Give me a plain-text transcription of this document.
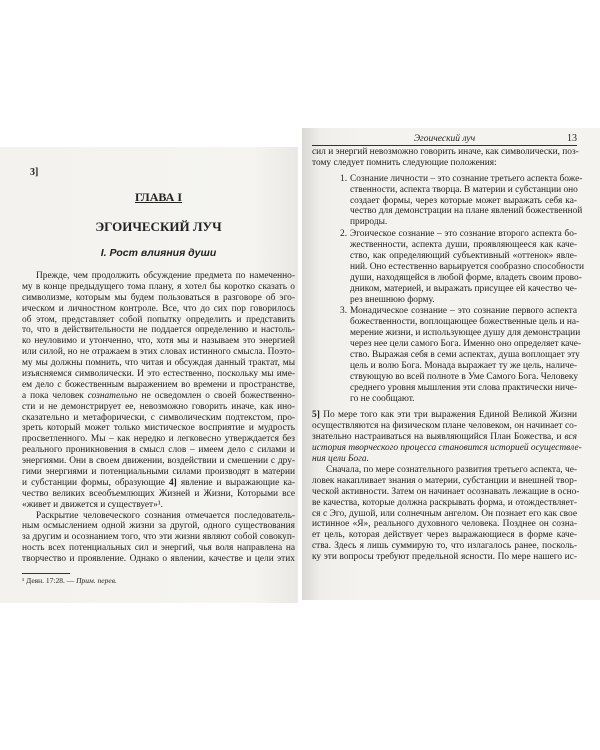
3]
ГЛАВА I
ЭГОИЧЕСКИЙ ЛУЧ
I. Рост влияния души
Прежде, чем продолжить обсуждение предмета по намеченно-
му в конце предыдущего тома плану, я хотел бы коротко сказать о
символизме, которым мы будем пользоваться в разговоре об эго-
ическом и личностном контроле. Все, что до сих пор говорилось
об этом, представляет собой попытку определить и представить
то, что в действительности не поддается определению и настоль-
ко неуловимо и утонченно, что, хотя мы и называем это энергией
или силой, но не отражаем в этих словах истинного смысла. Поэто-
му мы должны помнить, что читая и обсуждая данный трактат, мы
изъясняемся символически. И это естественно, поскольку мы име-
ем дело с божественным выражением во времени и пространстве,
а пока человек сознательно не осведомлен о своей божественно-
сти и не демонстрирует ее, невозможно говорить иначе, как ино-
сказательно и метафорически, с символическим подтекстом, про-
зреть который может только мистическое восприятие и мудрость
просветленного. Мы – как нередко и легковесно утверждается без
реального проникновения в смысл слов – имеем дело с силами и
энергиями. Они в своем движении, воздействии и смешении с дру-
гими энергиями и потенциальными силами производят в материи
и субстанции формы, образующие 4] явление и выражающие ка-
чество великих всеобъемлющих Жизней и Жизни, Которыми все
«живет и движется и существует»¹.
Раскрытие человеческого сознания отмечается последователь-
ным осмыслением одной жизни за другой, одного существования
за другим и осознанием того, что эти жизни являют собой совокуп-
ность всех потенциальных сил и энергий, чья воля направлена на
творчество и проявление. Однако о явлении, качестве и цели этих
¹ Деян. 17:28. — Прим. перев.
Эгоический луч	13
сил и энергий невозможно говорить иначе, как символически, поз-
тому следует помнить следующие положения:
1. Сознание личности – это сознание третьего аспекта боже-
ственности, аспекта творца. В материи и субстанции оно
создает формы, через которые может выражать себя ка-
чество для демонстрации на плане явлений божественной
природы.
2. Эгоическое сознание – это сознание второго аспекта бо-
жественности, аспекта души, проявляющееся как каче-
ство, как определяющий субъективный «оттенок» явле-
ний. Оно естественно варьируется сообразно способности
души, находящейся в любой форме, владеть своим прово-
дником, материей, и выражать присущее ей качество че-
рез внешнюю форму.
3. Монадическое сознание – это сознание первого аспекта
божественности, воплощающее божественные цель и на-
мерение жизни, и использующее душу для демонстрации
через нее цели самого Бога. Именно оно определяет каче-
ство. Выражая себя в семи аспектах, душа воплощает эту
цель и волю Бога. Монада выражает ту же цель, наличе-
ствующую во всей полноте в Уме Самого Бога. Человеку
среднего уровня мышления эти слова практически ниче-
го не сообщают.
5] По мере того как эти три выражения Единой Великой Жизни
осуществляются на физическом плане человеком, он начинает со-
знательно настраиваться на выявляющийся План Божества, и вся
история творческого процесса становится историей осуществле-
ния цели Бога.
Сначала, по мере сознательного развития третьего аспекта, че-
ловек накапливает знания о материи, субстанции и внешней твор-
ческой активности. Затем он начинает осознавать лежащие в осно-
ве качества, которые должна раскрывать форма, и отождествляет-
ся с Эго, душой, или солнечным ангелом. Он познает его как свое
истинное «Я», реального духовного человека. Позднее он созна-
ет цель, которая действует через выражающиеся в форме каче-
ства. Здесь я лишь суммирую то, что излагалось ранее, посколь-
ку эти вопросы требуют предельной ясности. По мере нашего ис-
